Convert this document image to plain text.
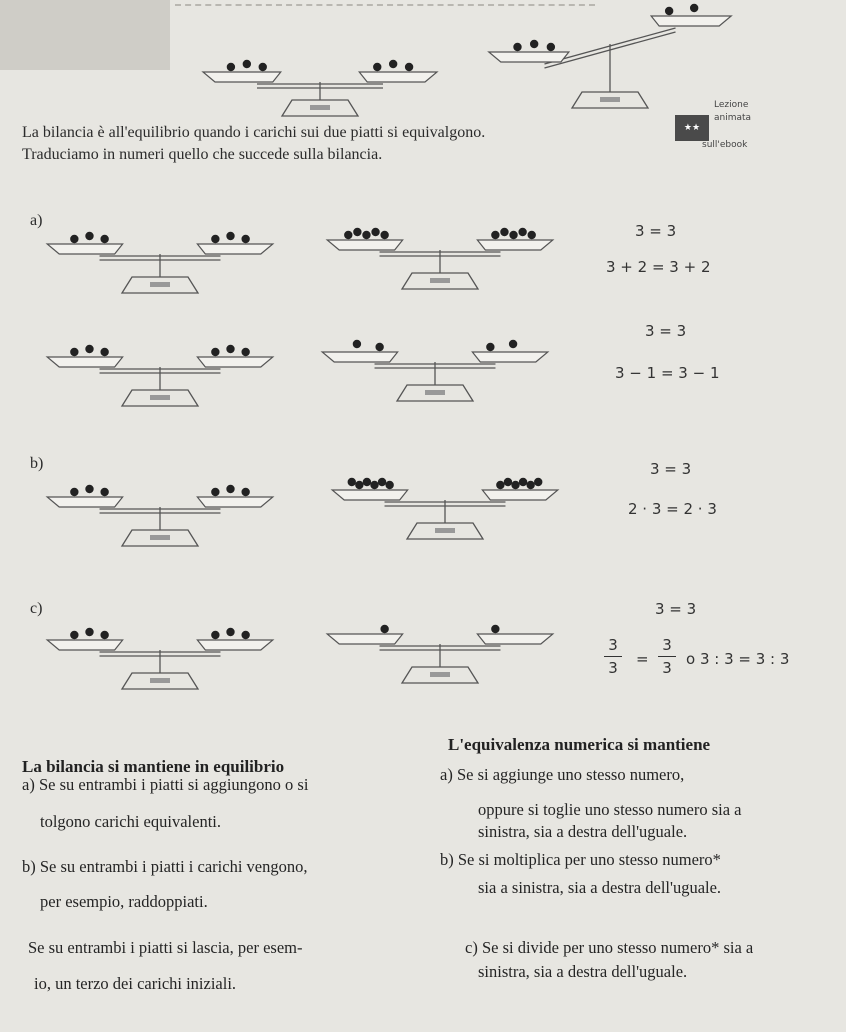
La bilancia è all'equilibrio quando i carichi sui due piatti si equivalgono.
Traduciamo in numeri quello che succede sulla bilancia.
★★
Lezione
animata
sull'ebook
a)
3 = 3
3 + 2 = 3 + 2
3 = 3
3 − 1 = 3 − 1
b)	3 = 3
2 · 3 = 2 · 3
c)	3 = 3
3
3 =
3
3 o 3 : 3 = 3 : 3
La bilancia si mantiene in equilibrio
L'equivalenza numerica si mantiene
a) Se su entrambi i piatti si aggiungono o si
tolgono carichi equivalenti.
b) Se su entrambi i piatti i carichi vengono,
per esempio, raddoppiati.
Se su entrambi i piatti si lascia, per esem-
io, un terzo dei carichi iniziali.
a) Se si aggiunge uno stesso numero,
oppure si toglie uno stesso numero sia a
sinistra, sia a destra dell'uguale.
b) Se si moltiplica per uno stesso numero*
sia a sinistra, sia a destra dell'uguale.
c) Se si divide per uno stesso numero* sia a
sinistra, sia a destra dell'uguale.
